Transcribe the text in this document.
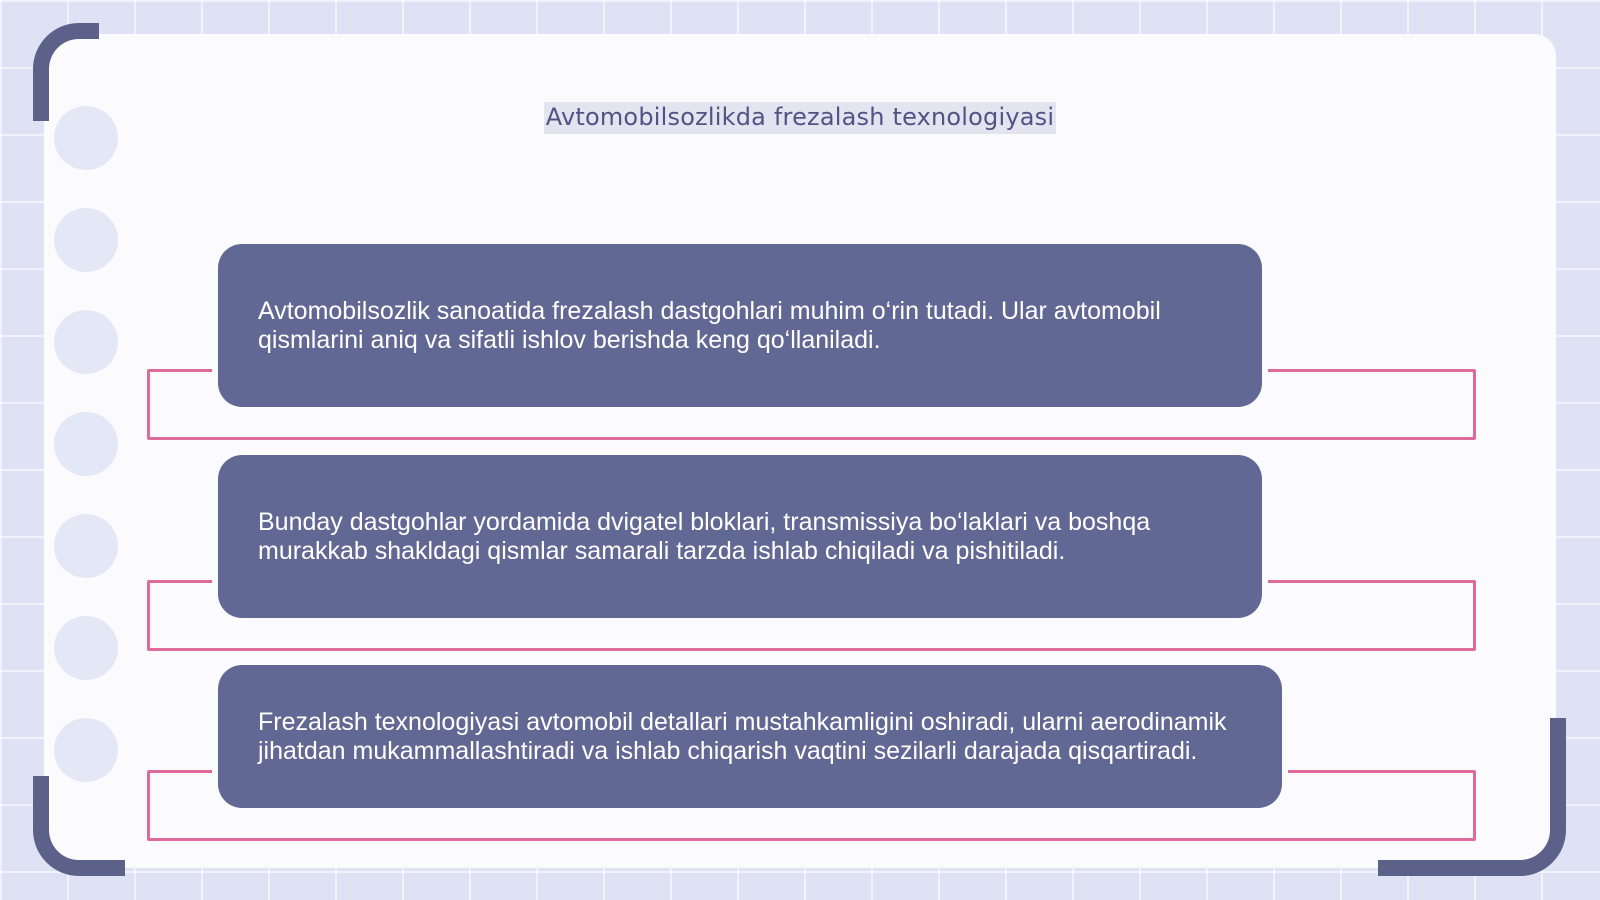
Avtomobilsozlikda frezalash texnologiyasi

Avtomobilsozlik sanoatida frezalash dastgohlari muhim o‘rin tutadi. Ular avtomobil qismlarini aniq va sifatli ishlov berishda keng qo‘llaniladi.

Bunday dastgohlar yordamida dvigatel bloklari, transmissiya bo‘laklari va boshqa murakkab shakldagi qismlar samarali tarzda ishlab chiqiladi va pishitiladi.

Frezalash texnologiyasi avtomobil detallari mustahkamligini oshiradi, ularni aerodinamik jihatdan mukammallashtiradi va ishlab chiqarish vaqtini sezilarli darajada qisqartiradi.
